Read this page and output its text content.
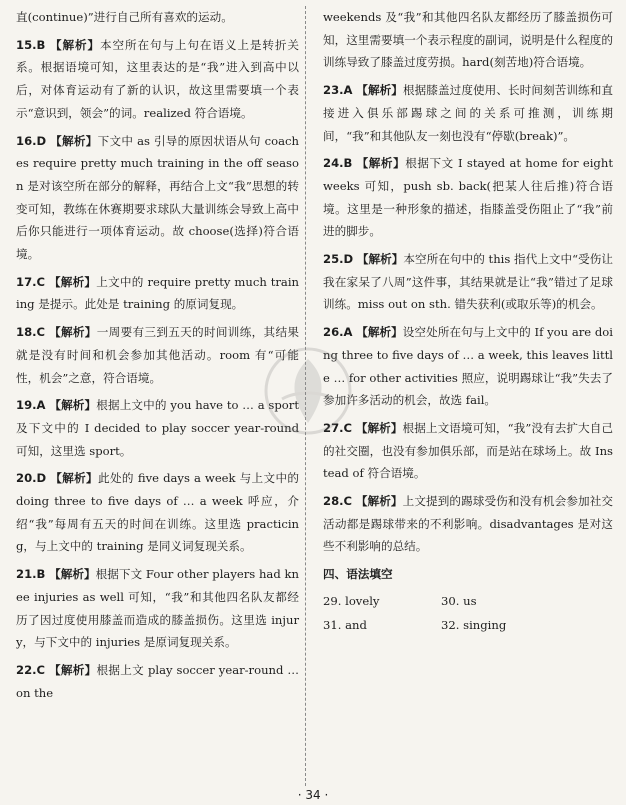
直(continue)”进行自己所有喜欢的运动。

15.B 【解析】本空所在句与上句在语义上是转折关系。根据语境可知，这里表达的是“我”进入到高中以后，对体育运动有了新的认识，故这里需要填一个表示“意识到，领会”的词。realized 符合语境。

16.D 【解析】下文中 as 引导的原因状语从句 coaches require pretty much training in the off season 是对该空所在部分的解释，再结合上文“我”思想的转变可知，教练在休赛期要求球队大量训练会导致上高中后你只能进行一项体育运动。故 choose(选择)符合语境。

17.C 【解析】上文中的 require pretty much training 是提示。此处是 training 的原词复现。

18.C 【解析】一周要有三到五天的时间训练，其结果就是没有时间和机会参加其他活动。room 有“可能性，机会”之意，符合语境。

19.A 【解析】根据上文中的 you have to … a sport 及下文中的 I decided to play soccer year-round 可知，这里选 sport。

20.D 【解析】此处的 five days a week 与上文中的 doing three to five days of … a week 呼应，介绍“我”每周有五天的时间在训练。这里选 practicing，与上文中的 training 是同义词复现关系。

21.B 【解析】根据下文 Four other players had knee injuries as well 可知，“我”和其他四名队友都经历了因过度使用膝盖而造成的膝盖损伤。这里选 injury，与下文中的 injuries 是原词复现关系。

22.C 【解析】根据上文 play soccer year-round … on the

weekends 及“我”和其他四名队友都经历了膝盖损伤可知，这里需要填一个表示程度的副词，说明是什么程度的训练导致了膝盖过度劳损。hard(刻苦地)符合语境。

23.A 【解析】根据膝盖过度使用、长时间刻苦训练和直接进入俱乐部踢球之间的关系可推测，训练期间，“我”和其他队友一刻也没有“停歇(break)”。

24.B 【解析】根据下文 I stayed at home for eight weeks 可知，push sb. back(把某人往后推)符合语境。这里是一种形象的描述，指膝盖受伤阻止了“我”前进的脚步。

25.D 【解析】本空所在句中的 this 指代上文中“受伤让我在家呆了八周”这件事，其结果就是让“我”错过了足球训练。miss out on sth. 错失获利(或取乐等)的机会。

26.A 【解析】设空处所在句与上文中的 If you are doing three to five days of … a week, this leaves little … for other activities 照应，说明踢球让“我”失去了参加许多活动的机会，故选 fail。

27.C 【解析】根据上文语境可知，“我”没有去扩大自己的社交圈，也没有参加俱乐部，而是站在球场上。故 Instead of 符合语境。

28.C 【解析】上文提到的踢球受伤和没有机会参加社交活动都是踢球带来的不利影响。disadvantages 是对这些不利影响的总结。

四、语法填空
29. lovely	30. us
31. and	32. singing
· 34 ·
